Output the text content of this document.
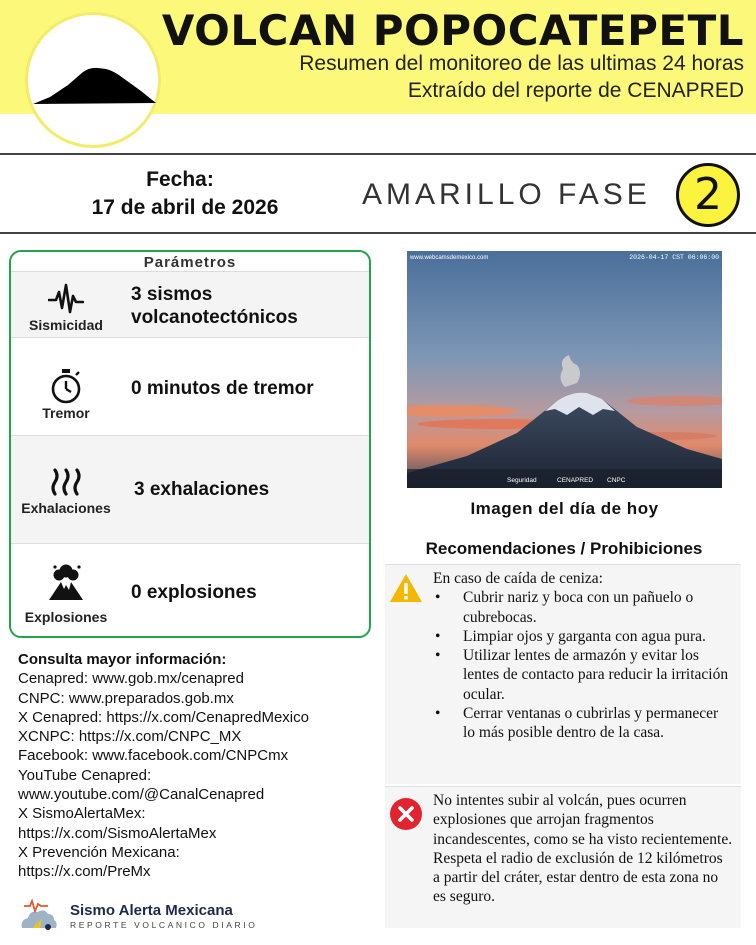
VOLCAN POPOCATEPETL
Resumen del monitoreo de las ultimas 24 horas
Extraído del reporte de CENAPRED
Fecha:
17 de abril de 2026	AMARILLO FASE 2
Parámetros
Sismicidad
3 sismos
volcanotectónicos
Tremor
0 minutos de tremor
Exhalaciones
3 exhalaciones
Explosiones
0 explosiones
Consulta mayor información:
Cenapred: www.gob.mx/cenapred
CNPC: www.preparados.gob.mx
X Cenapred: https://x.com/CenapredMexico
XCNPC: https://x.com/CNPC_MX
Facebook: www.facebook.com/CNPCmx
YouTube Cenapred:
www.youtube.com/@CanalCenapred
X SismoAlertaMex:
https://x.com/SismoAlertaMex
X Prevención Mexicana:
https://x.com/PreMx
Sismo Alerta Mexicana
REPORTE VOLCANICO DIARIO
www.webcamsdemexico.com	2026-04-17 CST 06:06:00
Seguridad	CENAPRED CNPC
Imagen del día de hoy
Recomendaciones / Prohibiciones
En caso de caída de ceniza:
• Cubrir nariz y boca con un pañuelo o cubrebocas.
• Limpiar ojos y garganta con agua pura.
• Utilizar lentes de armazón y evitar los lentes de contacto para reducir la irritación ocular.
• Cerrar ventanas o cubrirlas y permanecer lo más posible dentro de la casa.
No intentes subir al volcán, pues ocurren explosiones que arrojan fragmentos incandescentes, como se ha visto recientemente. Respeta el radio de exclusión de 12 kilómetros a partir del cráter, estar dentro de esta zona no es seguro.
